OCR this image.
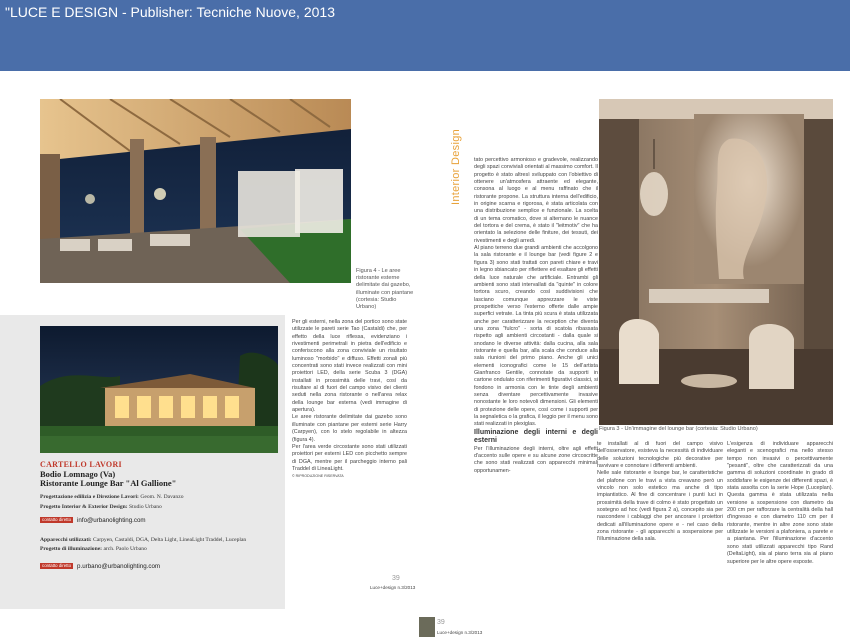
"LUCE E DESIGN - Publisher: Tecniche Nuove, 2013
Figura 4 - Le aree ristorante esterne delimitate dai gazebo, illuminate con piantane (cortesia: Studio Urbano)
CARTELLO LAVORI
Bodio Lomnago (Va)
Ristorante Lounge Bar "Al Gallione"
Progettazione edilizia e Direzione Lavori: Geom. N. Davanzo
Progetto Interior & Exterior Design: Studio Urbano
contatto diretto info@urbanolighting.com
Apparecchi utilizzati: Carpyen, Castaldi, DGA, Delta Light, LineaLight Traddel, Luceplan
Progetto di illuminazione: arch. Paolo Urbano
contatto diretto p.urbano@urbanolighting.com

Per gli esterni, nella zona del portico sono state utilizzate le pareti serie Tao (Castaldi) che, per effetto della luce riflessa, evidenziano i rivestimenti perimetrali in pietra dell'edificio e conferiscono alla zona conviviale un risultato luminoso "morbido" e diffuso. Effetti zonali più concentrati sono stati invece realizzati con mini proiettori LED, della serie Scuba 3 (DGA) installati in prossimità delle travi, così da risultare al di fuori del campo visivo dei clienti seduti nella zona ristorante o nell'area relax della lounge bar esterna (vedi immagine di apertura).

Le aree ristorante delimitate dai gazebo sono illuminate con piantane per esterni serie Harry (Carpyen), con lo stelo regolabile in altezza (figura 4).

Per l'area verde circostante sono stati utilizzati proiettori per esterni LED con picchetto sempre di DGA, mentre per il parcheggio interno pali Traddel di LineaLight.

© RIPRODUZIONE RISERVATA

39
Luce+design n.3/2013
Interior Design tato percettivo armonioso e gradevole, realizzando degli spazi conviviali orientati al massimo comfort. Il progetto è stato altresì sviluppato con l'obiettivo di ottenere un'atmosfera attraente ed elegante, consona al luogo e al menu raffinato che il ristorante propone. La struttura interna dell'edificio, in origine scarna e rigorosa, è stata articolata con una distribuzione semplice e funzionale. La scelta di un tema cromatico, dove si alternano le nuance del tortora e del crema, è stato il "leitmotiv" che ha orientato la selezione delle finiture, dei tessuti, dei rivestimenti e degli arredi.

Al piano terreno due grandi ambienti che accolgono la sala ristorante e il lounge bar (vedi figure 2 e figura 3) sono stati trattati con pareti chiare e travi in legno sbiancato per riflettere ed esaltare gli effetti della luce naturale che artificiale. Entrambi gli ambienti sono stati intervallati da "quinte" in colore tortora scuro, creando così suddivisioni che lasciano comunque apprezzare le viste prospettiche verso l'esterno offerte dalle ampie superfici vetrate. La tinta più scura è stata utilizzata anche per caratterizzare la reception che diventa una zona "fulcro" - sorta di scatola ribassata rispetto agli ambienti circostanti - dalla quale si snodano le diverse attività: dalla cucina, alla sala ristorante e quella bar, alla scala che conduce alla sala riunioni del primo piano. Anche gli unici elementi iconografici come le 15 dell'artista Gianfranco Gentile, connotate da supporti in cartone ondulato con riferimenti figurativi classici, si fondono in armonia con le tinte degli ambienti senza diventare percettivamente invasive nonostante le loro notevoli dimensioni. Gli elementi di protezione delle opere, così come i supporti per la segnaletica o la grafica, il leggio per il menu sono stati realizzati in plexiglas.

Illuminazione degli interni e degli esterni

Per l'illuminazione degli interni, oltre agli effetti d'accento sulle opere e su alcune zone circoscritte che sono stati realizzati con apparecchi minimali opportunamen-

Figura 3 - Un'immagine del lounge bar (cortesia: Studio Urbano)

te installati al di fuori del campo visivo dell'osservatore, esisteva la necessità di individuare delle soluzioni tecnologiche più decorative per ravvivare e connotare i differenti ambienti.

Nelle sale ristorante e lounge bar, le caratteristiche del plafone con le travi a vista creavano però un vincolo non solo estetico ma anche di tipo impiantistico. Al fine di concentrare i punti luci in prossimità della trave di colmo è stato progettato un sostegno ad hoc (vedi figura 2 a), concepito sia per nascondere i cablaggi che per ancorare i proiettori dedicati all'illuminazione opere e - nel caso della zona ristorante - gli apparecchi a sospensione per l'illuminazione della sala.

L'esigenza di individuare apparecchi eleganti e scenografici ma nello stesso tempo non invasivi o percettivamente "pesanti", oltre che caratterizzati da una gamma di soluzioni coordinate in grado di soddisfare le esigenze dei differenti spazi, è stata assolta con la serie Hope (Luceplan). Questa gamma è stata utilizzata nella versione a sospensione con diametro da 200 cm per rafforzare la centralità della hall d'ingresso e con diametro 110 cm per il ristorante, mentre in altre zone sono state utilizzate le versioni a plafoniera, a parete e a piantana. Per l'illuminazione d'accento sono stati utilizzati apparecchi tipo Rand (DeltaLight), sia al piano terra sia al piano superiore per le altre opere esposte.

39
Luce+design n.3/2013
